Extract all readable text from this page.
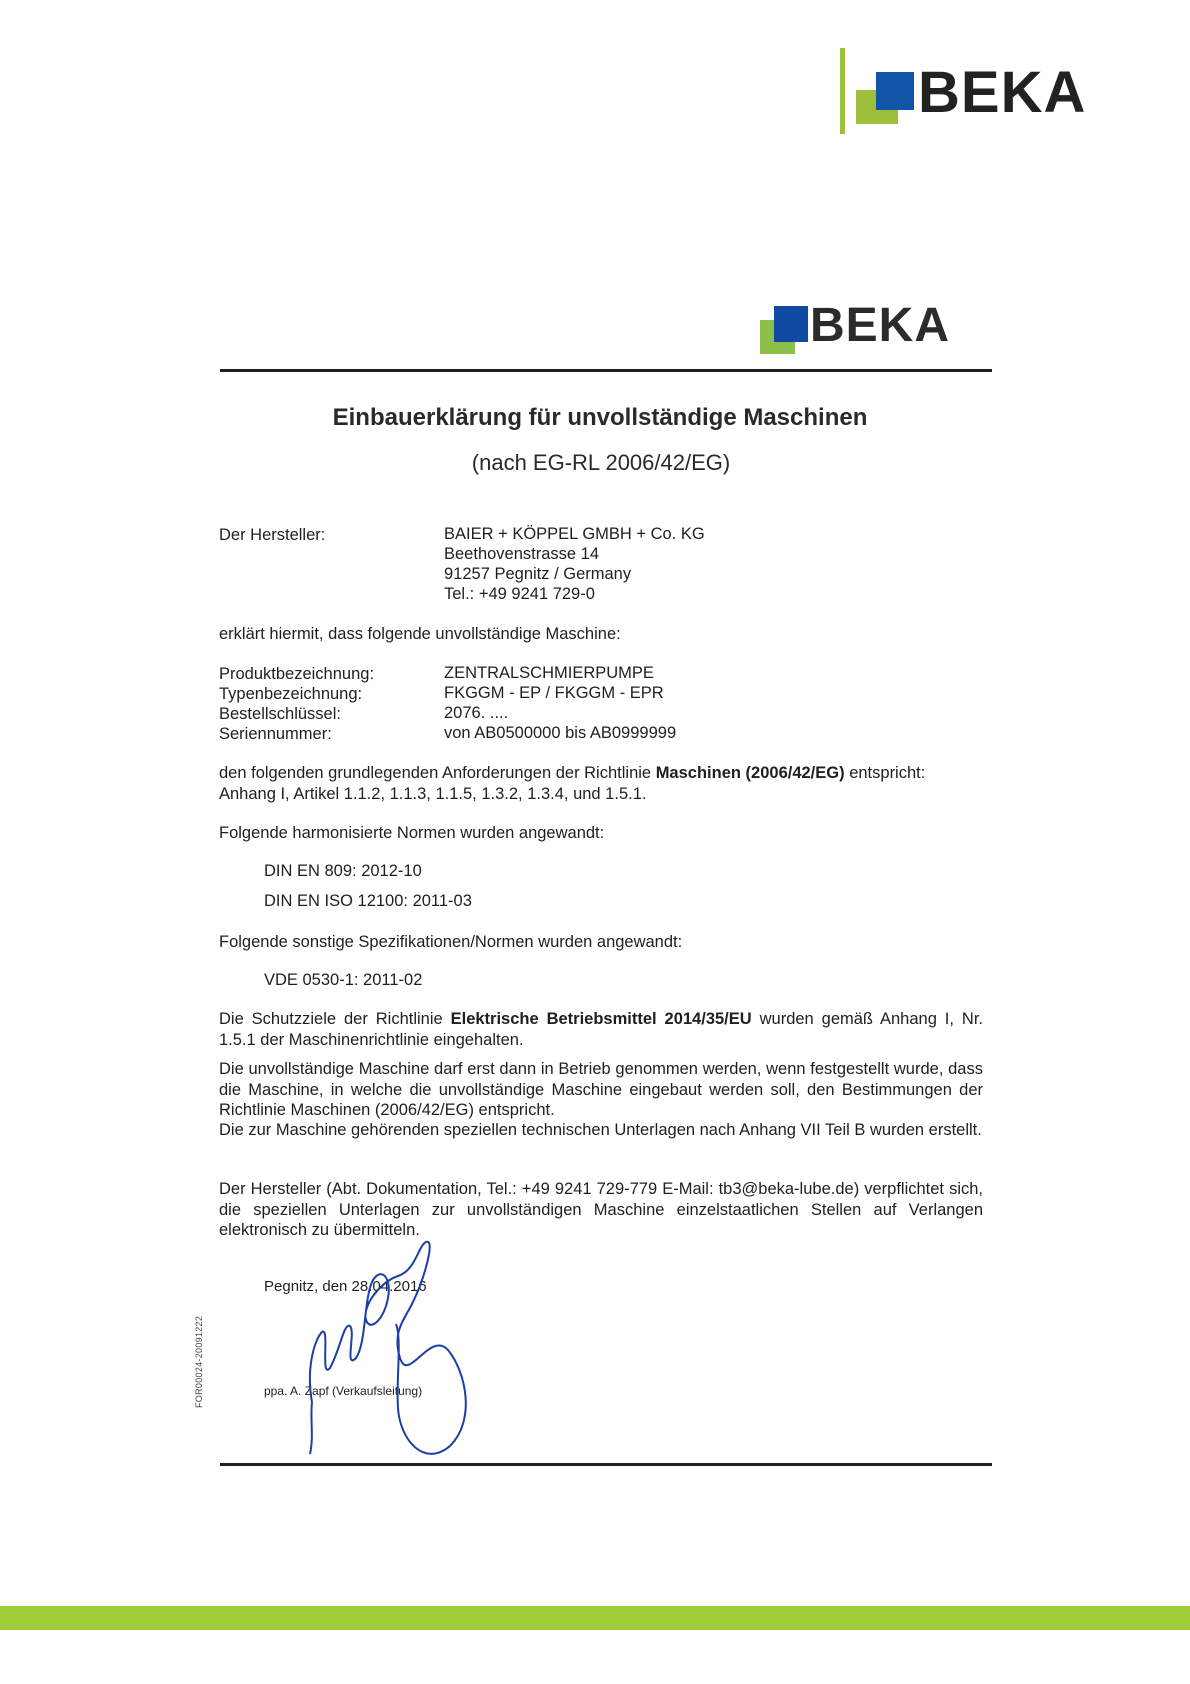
BEKA
BEKA
Einbauerklärung für unvollständige Maschinen
(nach EG-RL 2006/42/EG)
Der Hersteller:	BAIER + KÖPPEL GMBH + Co. KG
Beethovenstrasse 14
91257 Pegnitz / Germany
Tel.: +49 9241 729-0
erklärt hiermit, dass folgende unvollständige Maschine:
Produktbezeichnung:	ZENTRALSCHMIERPUMPE
Typenbezeichnung:	FKGGM - EP / FKGGM - EPR
Bestellschlüssel:	2076. ....
Seriennummer:	von AB0500000 bis AB0999999
den folgenden grundlegenden Anforderungen der Richtlinie Maschinen (2006/42/EG) entspricht:
Anhang I, Artikel 1.1.2, 1.1.3, 1.1.5, 1.3.2, 1.3.4, und 1.5.1.
Folgende harmonisierte Normen wurden angewandt:
DIN EN 809: 2012-10
DIN EN ISO 12100: 2011-03
Folgende sonstige Spezifikationen/Normen wurden angewandt:
VDE 0530-1: 2011-02
Die Schutzziele der Richtlinie Elektrische Betriebsmittel 2014/35/EU wurden gemäß Anhang I, Nr. 1.5.1 der Maschinenrichtlinie eingehalten.
Die unvollständige Maschine darf erst dann in Betrieb genommen werden, wenn festgestellt wurde, dass die Maschine, in welche die unvollständige Maschine eingebaut werden soll, den Bestimmungen der Richtlinie Maschinen (2006/42/EG) entspricht.
Die zur Maschine gehörenden speziellen technischen Unterlagen nach Anhang VII Teil B wurden erstellt.
Der Hersteller (Abt. Dokumentation, Tel.: +49 9241 729-779 E-Mail: tb3@beka-lube.de) verpflichtet sich, die speziellen Unterlagen zur unvollständigen Maschine einzelstaatlichen Stellen auf Verlangen elektronisch zu übermitteln.
Pegnitz, den 28.04.2016
ppa. A. Zapf (Verkaufsleitung)
FOR00024-20091222
